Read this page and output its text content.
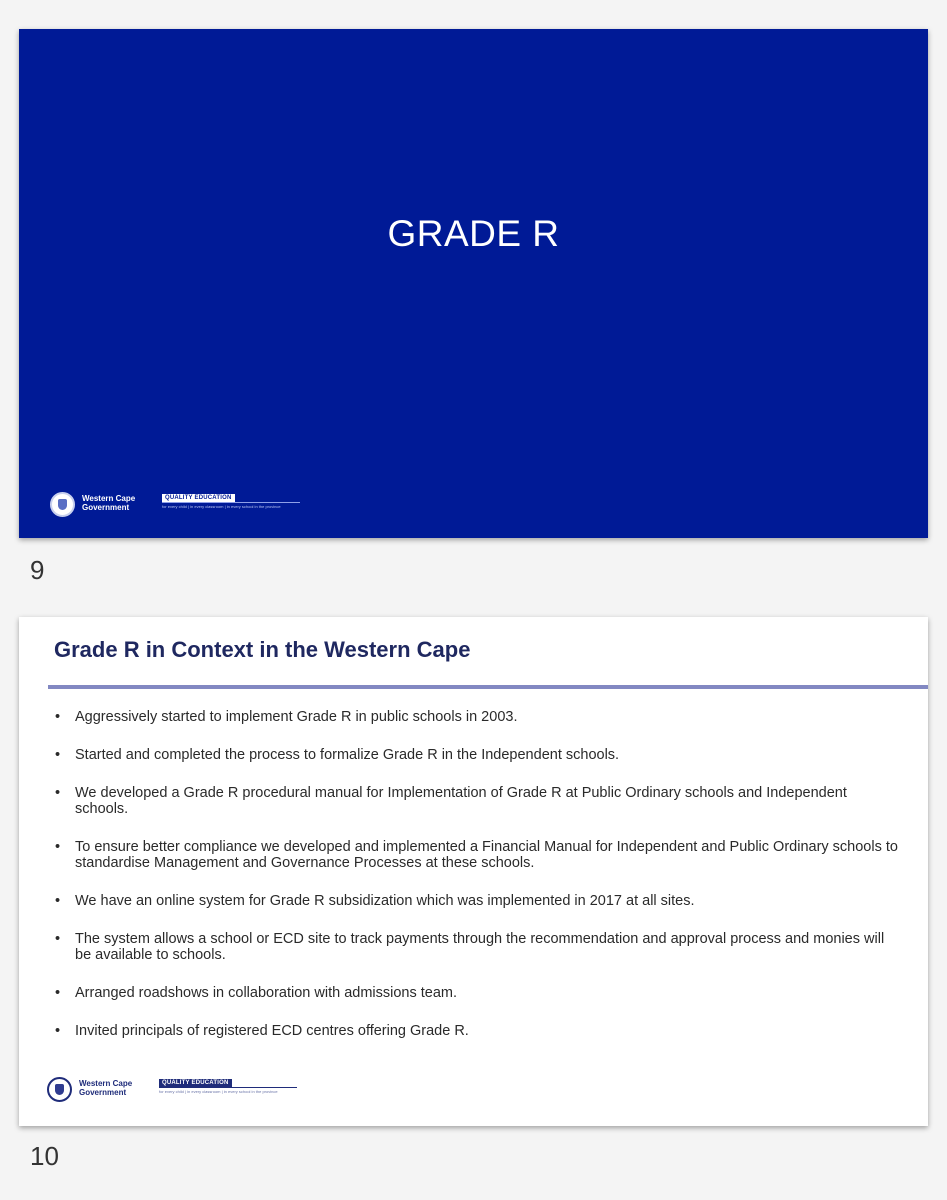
GRADE R
Western Cape
Government
QUALITY EDUCATION
for every child | in every classroom | in every school in the province
9
Grade R in Context in the Western Cape
• Aggressively started to implement Grade R in public schools in 2003.
• Started and completed the process to formalize Grade R in the Independent schools.
• We developed a Grade R procedural manual for Implementation of Grade R at Public Ordinary schools and Independent schools.
• To ensure better compliance we developed and implemented a Financial Manual for Independent and Public Ordinary schools to standardise Management and Governance Processes at these schools.
• We have an online system for Grade R subsidization which was implemented in 2017 at all sites.
• The system allows a school or ECD site to track payments through the recommendation and approval process and monies will be available to schools.
• Arranged roadshows in collaboration with admissions team.
• Invited principals of registered ECD centres offering Grade R.
Western Cape
Government
QUALITY EDUCATION
for every child | in every classroom | in every school in the province
10
